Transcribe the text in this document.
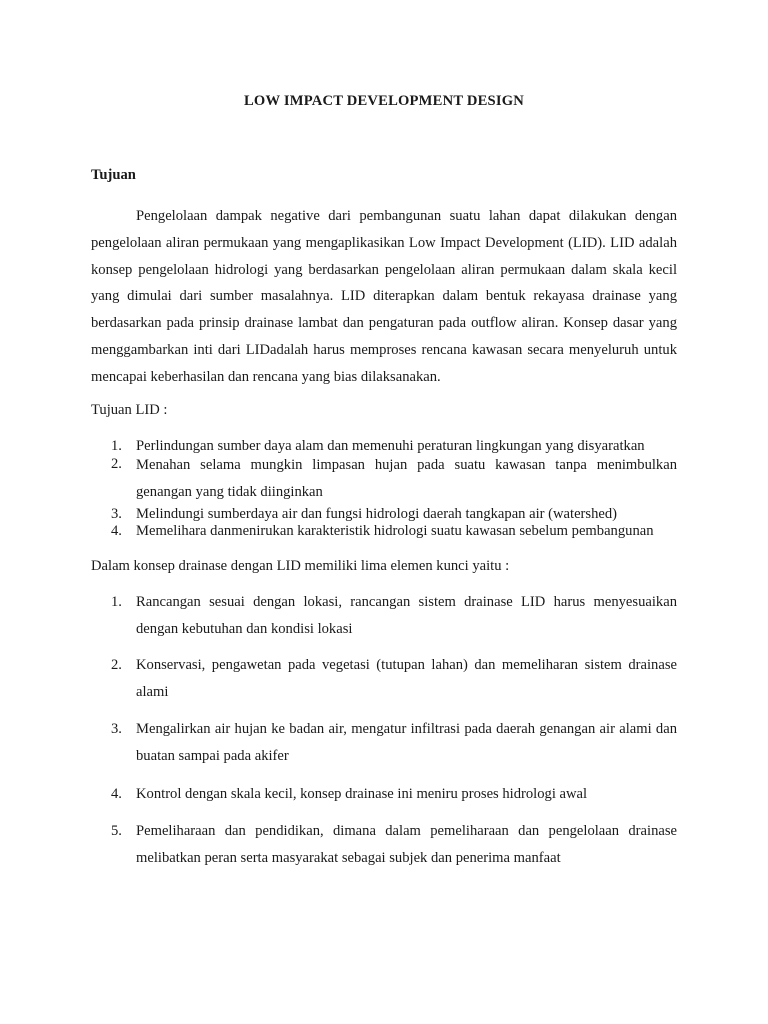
LOW IMPACT DEVELOPMENT DESIGN
Tujuan
Pengelolaan dampak negative dari pembangunan suatu lahan dapat dilakukan dengan pengelolaan aliran permukaan yang mengaplikasikan Low Impact Development (LID). LID adalah konsep pengelolaan hidrologi yang berdasarkan pengelolaan aliran permukaan dalam skala kecil yang dimulai dari sumber masalahnya. LID diterapkan dalam bentuk rekayasa drainase yang berdasarkan pada prinsip drainase lambat dan pengaturan pada outflow aliran. Konsep dasar yang menggambarkan inti dari LIDadalah harus memproses rencana kawasan secara menyeluruh untuk mencapai keberhasilan dan rencana yang bias dilaksanakan.
Tujuan LID :
1. Perlindungan sumber daya alam dan memenuhi peraturan lingkungan yang disyaratkan
2. Menahan selama mungkin limpasan hujan pada suatu kawasan tanpa menimbulkan genangan yang tidak diinginkan
3. Melindungi sumberdaya air dan fungsi hidrologi daerah tangkapan air (watershed)
4. Memelihara danmenirukan karakteristik hidrologi suatu kawasan sebelum pembangunan
Dalam konsep drainase dengan LID memiliki lima elemen kunci yaitu :
1. Rancangan sesuai dengan lokasi, rancangan sistem drainase LID harus menyesuaikan dengan kebutuhan dan kondisi lokasi
2. Konservasi, pengawetan pada vegetasi (tutupan lahan) dan memeliharan sistem drainase alami
3. Mengalirkan air hujan ke badan air, mengatur infiltrasi pada daerah genangan air alami dan buatan sampai pada akifer
4. Kontrol dengan skala kecil, konsep drainase ini meniru proses hidrologi awal
5. Pemeliharaan dan pendidikan, dimana dalam pemeliharaan dan pengelolaan drainase melibatkan peran serta masyarakat sebagai subjek dan penerima manfaat
